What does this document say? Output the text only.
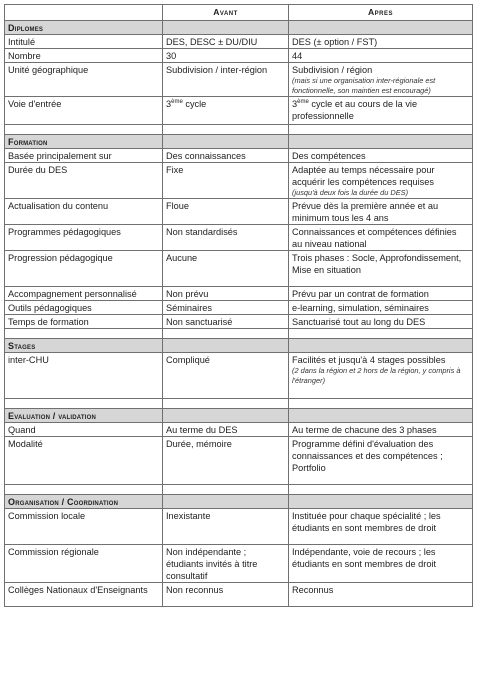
	Avant	Apres
Diplomes		
Intitulé	DES, DESC ± DU/DIU	DES (± option / FST)
Nombre	30	44
Unité géographique	Subdivision / inter-région	Subdivision / région
(mais si une organisation inter-régionale est fonctionnelle, son maintien est encouragé)

Voie d'entrée	3ème cycle	3ème cycle et au cours de la vie professionnelle

Formation		
Basée principalement sur	Des connaissances	Des compétences
Durée du DES	Fixe	Adaptée au temps nécessaire pour acquérir les compétences requises
(jusqu'à deux fois la durée du DES)

Actualisation du contenu	Floue	Prévue dès la première année et au minimum tous les 4 ans
Programmes pédagogiques	Non standardisés	Connaissances et compétences définies au niveau national
Progression pédagogique	Aucune	Trois phases : Socle, Approfondissement, Mise en situation
Accompagnement personnalisé	Non prévu	Prévu par un contrat de formation
Outils pédagogiques	Séminaires	e-learning, simulation, séminaires
Temps de formation	Non sanctuarisé	Sanctuarisé tout au long du DES

Stages		
inter-CHU	Compliqué	Facilités et jusqu'à 4 stages possibles
(2 dans la région et 2 hors de la région, y compris à l'étranger)

Evaluation / validation		
Quand	Au terme du DES	Au terme de chacune des 3 phases
Modalité	Durée, mémoire	Programme défini d'évaluation des connaissances et des compétences ;
Portfolio

Organisation / Coordination		
Commission locale	Inexistante	Instituée pour chaque spécialité ; les étudiants en sont membres de droit
Commission régionale	Non indépendante ; étudiants invités à titre consultatif	Indépendante, voie de recours ; les étudiants en sont membres de droit
Collèges Nationaux d'Enseignants	Non reconnus	Reconnus
